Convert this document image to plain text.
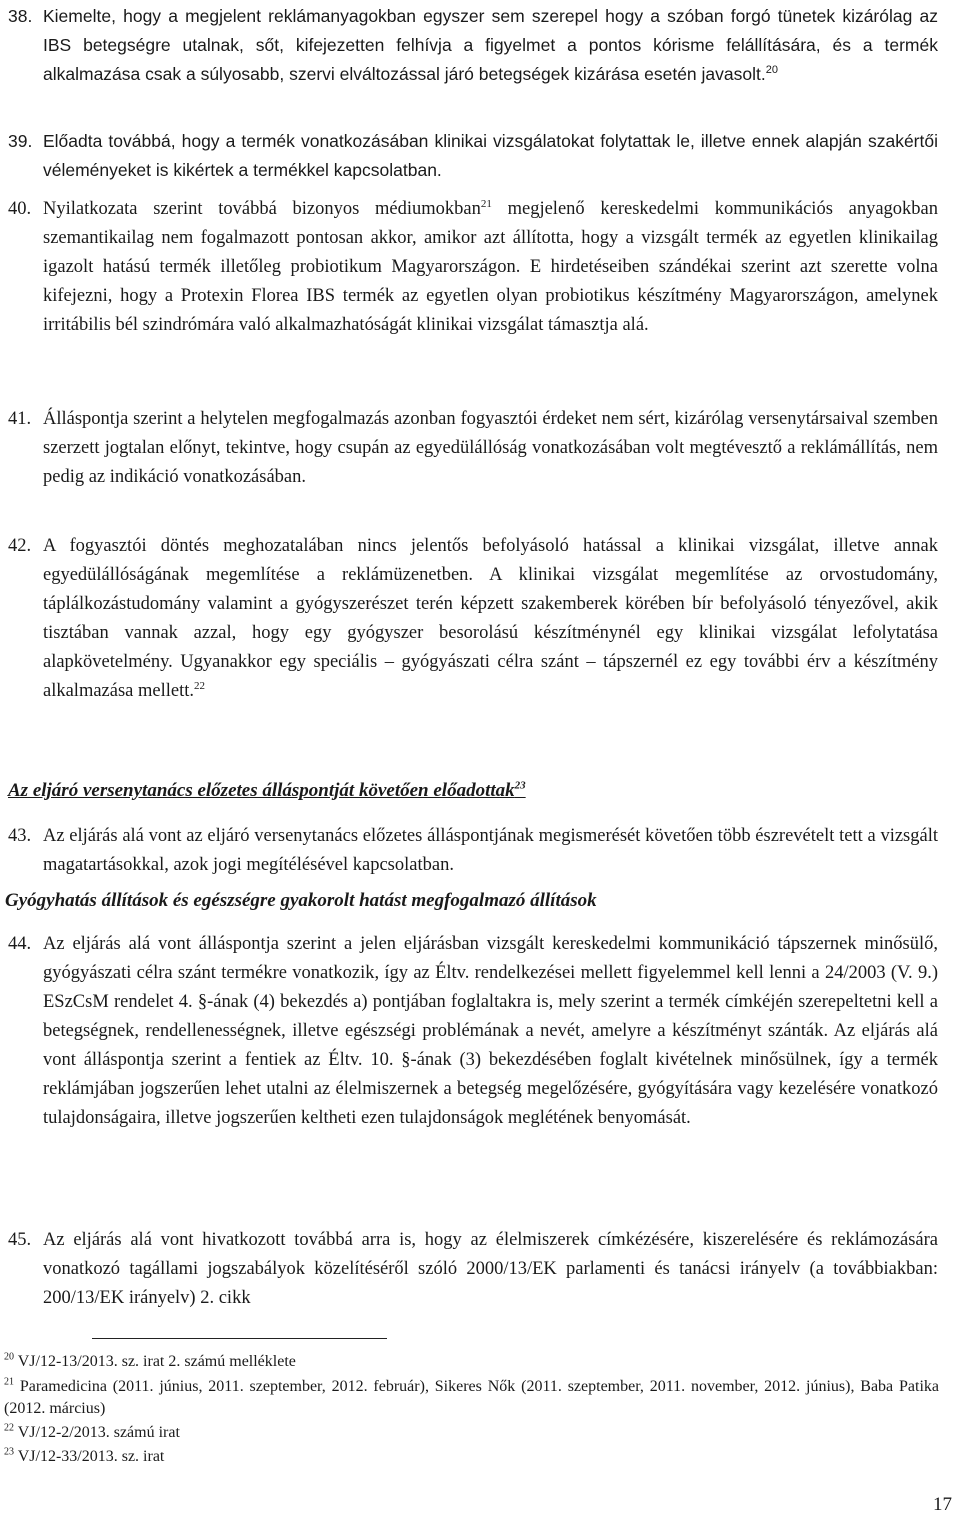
38. Kiemelte, hogy a megjelent reklámanyagokban egyszer sem szerepel hogy a szóban forgó tünetek kizárólag az IBS betegségre utalnak, sőt, kifejezetten felhívja a figyelmet a pontos kórisme felállítására, és a termék alkalmazása csak a súlyosabb, szervi elváltozással járó betegségek kizárása esetén javasolt.$^{20}$
39. Előadta továbbá, hogy a termék vonatkozásában klinikai vizsgálatokat folytattak le, illetve ennek alapján szakértői véleményeket is kikértek a termékkel kapcsolatban.
40. Nyilatkozata szerint továbbá bizonyos médiumokban$^{21}$ megjelenő kereskedelmi kommunikációs anyagokban szemantikailag nem fogalmazott pontosan akkor, amikor azt állította, hogy a vizsgált termék az egyetlen klinikailag igazolt hatású termék illetőleg probiotikum Magyarországon. E hirdetéseiben szándékai szerint azt szerette volna kifejezni, hogy a Protexin Florea IBS termék az egyetlen olyan probiotikus készítmény Magyarországon, amelynek irritábilis bél szindrómára való alkalmazhatóságát klinikai vizsgálat támasztja alá.
41. Álláspontja szerint a helytelen megfogalmazás azonban fogyasztói érdeket nem sért, kizárólag versenytársaival szemben szerzett jogtalan előnyt, tekintve, hogy csupán az egyedülállóság vonatkozásában volt megtévesztő a reklámállítás, nem pedig az indikáció vonatkozásában.
42. A fogyasztói döntés meghozatalában nincs jelentős befolyásoló hatással a klinikai vizsgálat, illetve annak egyedülállóságának megemlítése a reklámüzenetben. A klinikai vizsgálat megemlítése az orvostudomány, táplálkozástudomány valamint a gyógyszerészet terén képzett szakemberek körében bír befolyásoló tényezővel, akik tisztában vannak azzal, hogy egy gyógyszer besorolású készítménynél egy klinikai vizsgálat lefolytatása alapkövetelmény. Ugyanakkor egy speciális – gyógyászati célra szánt – tápszernél ez egy további érv a készítmény alkalmazása mellett.$^{22}$
Az eljáró versenytanács előzetes álláspontját követően előadottak$^{23}$
43. Az eljárás alá vont az eljáró versenytanács előzetes álláspontjának megismerését követően több észrevételt tett a vizsgált magatartásokkal, azok jogi megítélésével kapcsolatban.
Gyógyhatás állítások és egészségre gyakorolt hatást megfogalmazó állítások
44. Az eljárás alá vont álláspontja szerint a jelen eljárásban vizsgált kereskedelmi kommunikáció tápszernek minősülő, gyógyászati célra szánt termékre vonatkozik, így az Éltv. rendelkezései mellett figyelemmel kell lenni a 24/2003 (V. 9.) ESzCsM rendelet 4. §-ának (4) bekezdés a) pontjában foglaltakra is, mely szerint a termék címkéjén szerepeltetni kell a betegségnek, rendellenességnek, illetve egészségi problémának a nevét, amelyre a készítményt szánták. Az eljárás alá vont álláspontja szerint a fentiek az Éltv. 10. §-ának (3) bekezdésében foglalt kivételnek minősülnek, így a termék reklámjában jogszerűen lehet utalni az élelmiszernek a betegség megelőzésére, gyógyítására vagy kezelésére vonatkozó tulajdonságaira, illetve jogszerűen keltheti ezen tulajdonságok meglétének benyomását.
45. Az eljárás alá vont hivatkozott továbbá arra is, hogy az élelmiszerek címkézésére, kiszerelésére és reklámozására vonatkozó tagállami jogszabályok közelítéséről szóló 2000/13/EK parlamenti és tanácsi irányelv (a továbbiakban: 200/13/EK irányelv) 2. cikk
$^{20}$ VJ/12-13/2013. sz. irat 2. számú melléklete
$^{21}$ Paramedicina (2011. június, 2011. szeptember, 2012. február), Sikeres Nők (2011. szeptember, 2011. november, 2012. június), Baba Patika (2012. március)
$^{22}$ VJ/12-2/2013. számú irat
$^{23}$ VJ/12-33/2013. sz. irat
17
